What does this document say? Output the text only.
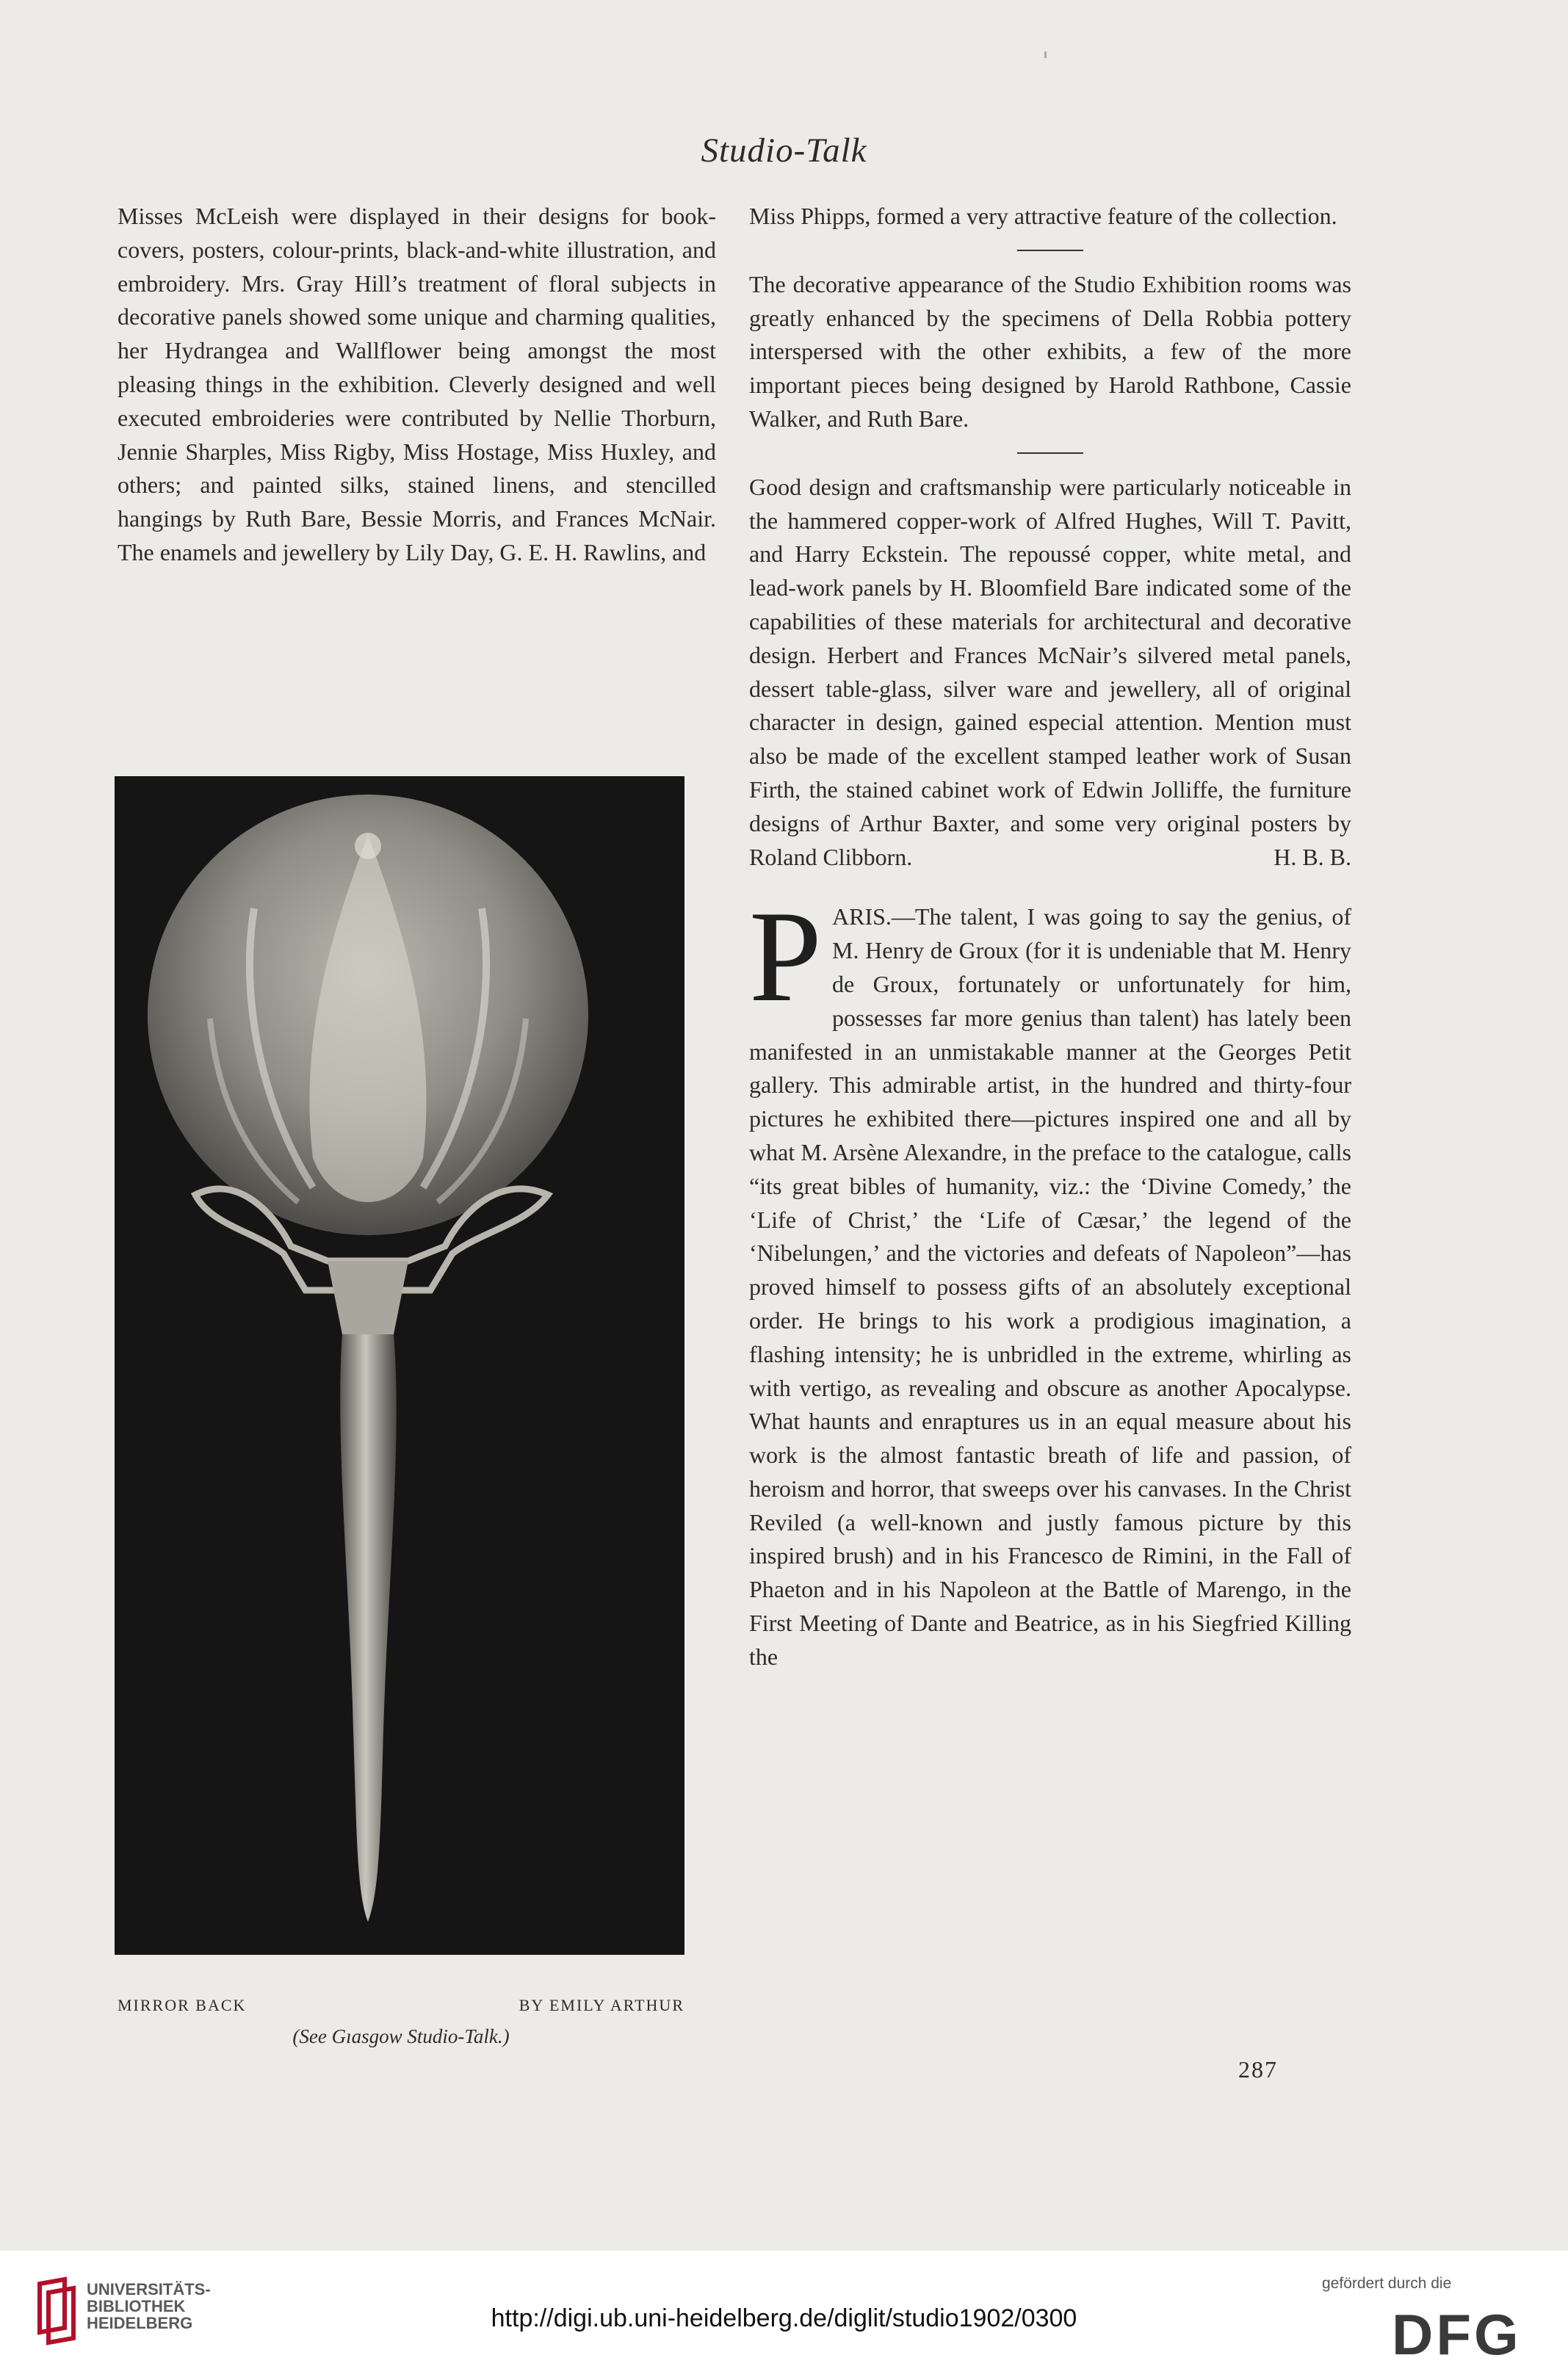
Studio-Talk

Misses McLeish were displayed in their designs for book-covers, posters, colour-prints, black-and-white illustration, and embroidery. Mrs. Gray Hill’s treatment of floral subjects in decorative panels showed some unique and charming qualities, her Hydrangea and Wallflower being amongst the most pleasing things in the exhibition. Cleverly designed and well executed embroideries were contributed by Nellie Thorburn, Jennie Sharples, Miss Rigby, Miss Hostage, Miss Huxley, and others; and painted silks, stained linens, and stencilled hangings by Ruth Bare, Bessie Morris, and Frances McNair. The enamels and jewellery by Lily Day, G. E. H. Rawlins, and

MIRROR BACK	BY EMILY ARTHUR
(See Gıasgow Studio-Talk.)

Miss Phipps, formed a very attractive feature of the collection.

The decorative appearance of the Studio Exhibition rooms was greatly enhanced by the specimens of Della Robbia pottery interspersed with the other exhibits, a few of the more important pieces being designed by Harold Rathbone, Cassie Walker, and Ruth Bare.

Good design and craftsmanship were particularly noticeable in the hammered copper-work of Alfred Hughes, Will T. Pavitt, and Harry Eckstein. The repoussé copper, white metal, and lead-work panels by H. Bloomfield Bare indicated some of the capabilities of these materials for architectural and decorative design. Herbert and Frances McNair’s silvered metal panels, dessert table-glass, silver ware and jewellery, all of original character in design, gained especial attention. Mention must also be made of the excellent stamped leather work of Susan Firth, the stained cabinet work of Edwin Jolliffe, the furniture designs of Arthur Baxter, and some very original posters by Roland Clibborn.	H. B. B.

PARIS.—The talent, I was going to say the genius, of M. Henry de Groux (for it is undeniable that M. Henry de Groux, fortunately or unfortunately for him, possesses far more genius than talent) has lately been manifested in an unmistakable manner at the Georges Petit gallery. This admirable artist, in the hundred and thirty-four pictures he exhibited there—pictures inspired one and all by what M. Arsène Alexandre, in the preface to the catalogue, calls “its great bibles of humanity, viz.: the ‘Divine Comedy,’ the ‘Life of Christ,’ the ‘Life of Cæsar,’ the legend of the ‘Nibelungen,’ and the victories and defeats of Napoleon”—has proved himself to possess gifts of an absolutely exceptional order. He brings to his work a prodigious imagination, a flashing intensity; he is unbridled in the extreme, whirling as with vertigo, as revealing and obscure as another Apocalypse. What haunts and enraptures us in an equal measure about his work is the almost fantastic breath of life and passion, of heroism and horror, that sweeps over his canvases. In the Christ Reviled (a well-known and justly famous picture by this inspired brush) and in his Francesco de Rimini, in the Fall of Phaeton and in his Napoleon at the Battle of Marengo, in the First Meeting of Dante and Beatrice, as in his Siegfried Killing the

287
UNIVERSITÄTS-
BIBLIOTHEK
HEIDELBERG	http://digi.ub.uni-heidelberg.de/diglit/studio1902/0300
gefördert durch die
DFG
